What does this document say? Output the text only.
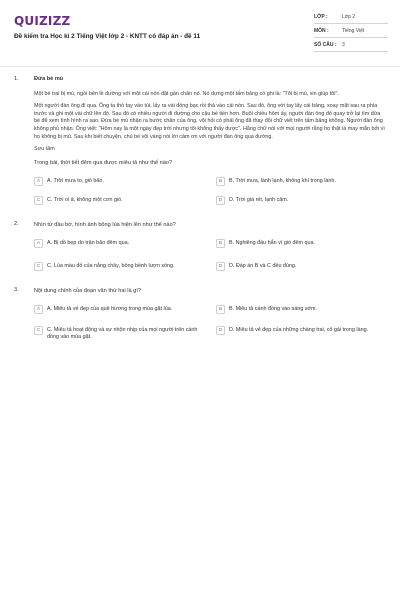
QUIZIZZ
Đề kiểm tra Học kì 2 Tiếng Việt lớp 2 - KNTT có đáp án - đề 11
LỚP :	Lớp 2
MÔN :	Tiếng Việt
SỐ CÂU :	3
1.	Đứa bé mù

Một bé trai bị mù, ngồi bên lề đường với một cái nón đặt gần chân nó. Nó dựng một tấm bảng có ghi là: "Tôi bị mù, xin giúp tôi".

Một người đàn ông đi qua. Ông ta thò tay vào túi, lấy ra vài đồng bạc rồi thả vào cái nón. Sau đó, ông với tay lấy cái bảng, xoay mặt sau ra phía trước và ghi một vài chữ lên đó. Sau đó có nhiều người đi đường cho cậu bé tiền hơn. Buổi chiều hôm ấy, người đàn ông đó quay trở lại tìm đứa bé để xem tình hình ra sao. Đứa bé mù nhận ra bước chân của ông, vội hỏi có phải ông đã thay đổi chữ viết trên tấm bảng không. Người đàn ông không phủ nhận. Ông viết: "Hôm nay là một ngày đẹp trời nhưng tôi không thấy được". Hằng chữ nói với mọi người rằng họ thật là may mắn bởi vì họ không bị mù. Sau khi biết chuyện, chú bé vội vàng nói lời cảm ơn với người đàn ông qua đường.

Sưu tầm

Trong bài, thời tiết đêm qua được miêu tả như thế nào?
A	A. Trời mưa to, gió bão.	B	B. Trời mưa, lành lạnh, không khí trong lành.
C	C. Trời oi ả, không một cơn gió.	D	D. Trời giá rét, lạnh căm.
2.	Nhìn từ đầu bờ, hình ảnh bông lúa hiện lên như thế nào?
A	A. Bị dồ bẹp do trận bão đêm qua.	B	B. Nghiêng đầu hẳn vì gió đêm qua.
C	C. Lúa màu đỏ của nắng chảy, bồng bềnh lượn sóng.	D	D. Đáp án B và C đều đúng.
3.	Nội dung chính của đoạn văn thứ hai là gì?
A	A. Miêu tả vẻ đẹp của quê hương trong mùa gặt lúa.	B	B. Miêu tả cánh đồng vào sáng sớm.
C	C. Miêu tả hoạt động và sự nhộn nhịp của mọi người trên cánh đồng vào mùa gặt.
D	D. Miêu tả vẻ đẹp của những chàng trai, cô gái trong làng.
